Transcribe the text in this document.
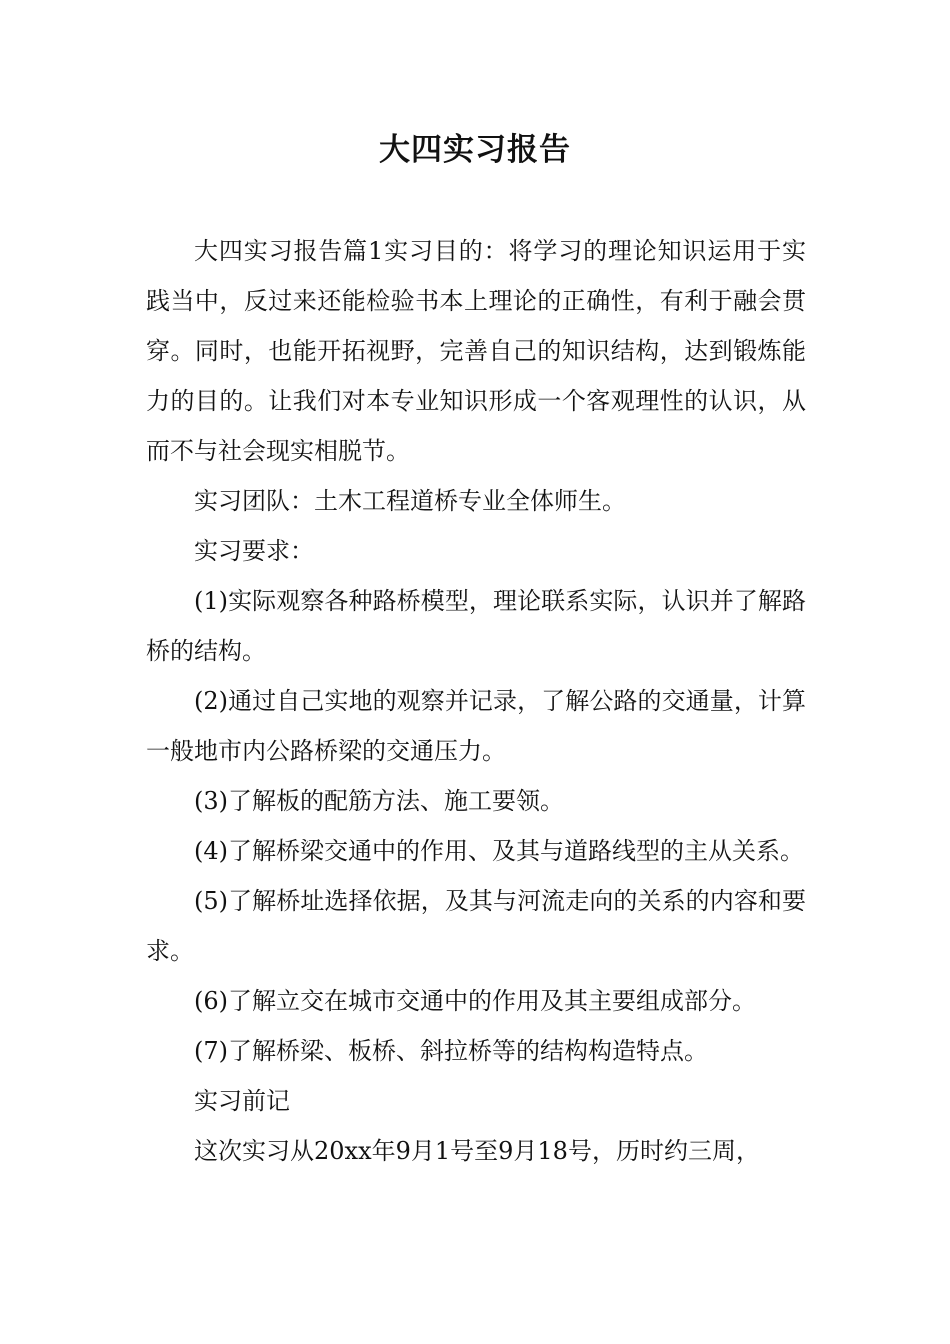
大四实习报告

大四实习报告篇1实习目的：将学习的理论知识运用于实践当中，反过来还能检验书本上理论的正确性，有利于融会贯穿。同时，也能开拓视野，完善自己的知识结构，达到锻炼能力的目的。让我们对本专业知识形成一个客观理性的认识，从而不与社会现实相脱节。

实习团队：土木工程道桥专业全体师生。

实习要求：

(1)实际观察各种路桥模型，理论联系实际，认识并了解路桥的结构。

(2)通过自己实地的观察并记录，了解公路的交通量，计算一般地市内公路桥梁的交通压力。

(3)了解板的配筋方法、施工要领。

(4)了解桥梁交通中的作用、及其与道路线型的主从关系。

(5)了解桥址选择依据，及其与河流走向的关系的内容和要求。

(6)了解立交在城市交通中的作用及其主要组成部分。

(7)了解桥梁、板桥、斜拉桥等的结构构造特点。

实习前记

这次实习从20xx年9月1号至9月18号，历时约三周，
